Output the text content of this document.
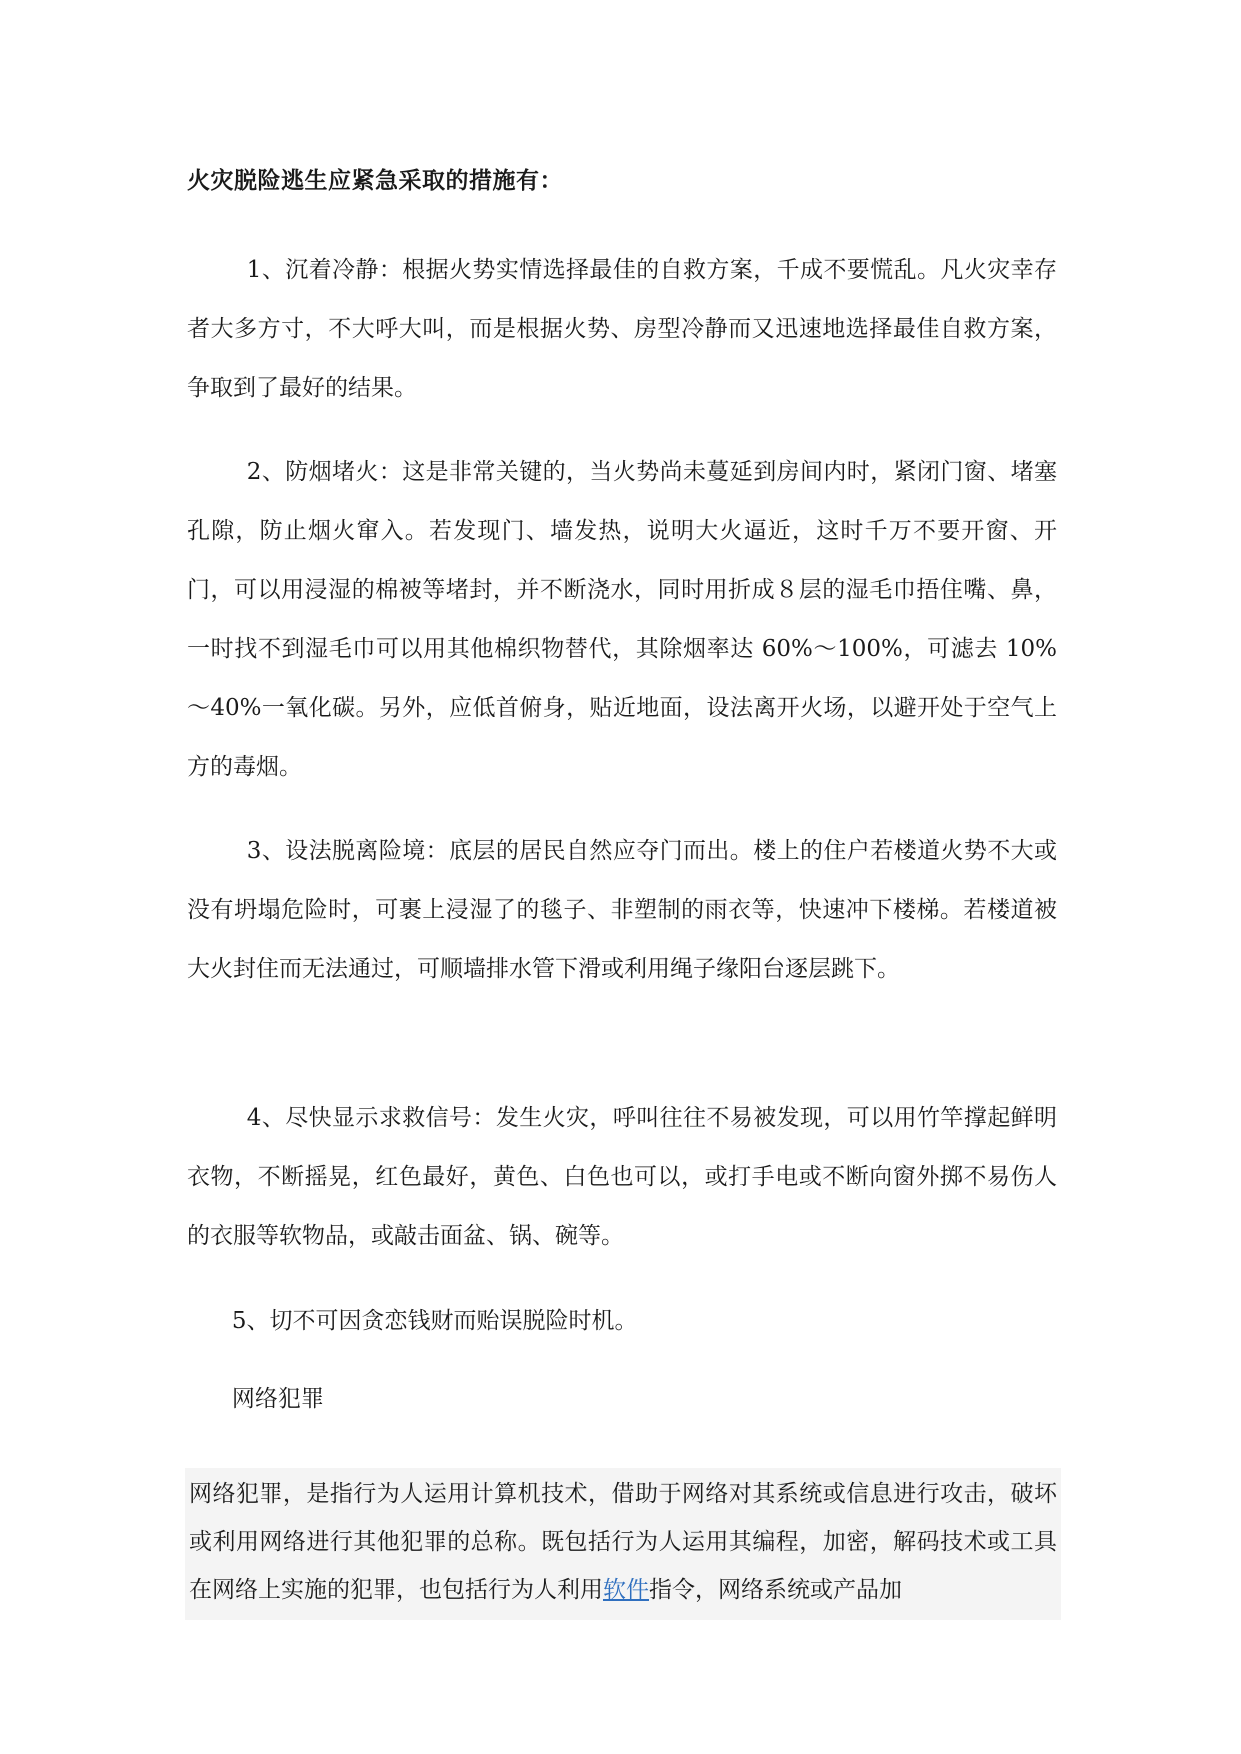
火灾脱险逃生应紧急采取的措施有：

1、沉着冷静：根据火势实情选择最佳的自救方案，千成不要慌乱。凡火灾幸存者大多方寸，不大呼大叫，而是根据火势、房型冷静而又迅速地选择最佳自救方案，争取到了最好的结果。

2、防烟堵火：这是非常关键的，当火势尚未蔓延到房间内时，紧闭门窗、堵塞孔隙，防止烟火窜入。若发现门、墙发热，说明大火逼近，这时千万不要开窗、开门，可以用浸湿的棉被等堵封，并不断浇水，同时用折成８层的湿毛巾捂住嘴、鼻，一时找不到湿毛巾可以用其他棉织物替代，其除烟率达 60%～100%，可滤去 10%～40%一氧化碳。另外，应低首俯身，贴近地面，设法离开火场，以避开处于空气上方的毒烟。

3、设法脱离险境：底层的居民自然应夺门而出。楼上的住户若楼道火势不大或没有坍塌危险时，可裹上浸湿了的毯子、非塑制的雨衣等，快速冲下楼梯。若楼道被大火封住而无法通过，可顺墙排水管下滑或利用绳子缘阳台逐层跳下。

4、尽快显示求救信号：发生火灾，呼叫往往不易被发现，可以用竹竿撑起鲜明衣物，不断摇晃，红色最好，黄色、白色也可以，或打手电或不断向窗外掷不易伤人的衣服等软物品，或敲击面盆、锅、碗等。

5、切不可因贪恋钱财而贻误脱险时机。

网络犯罪

网络犯罪，是指行为人运用计算机技术，借助于网络对其系统或信息进行攻击，破坏或利用网络进行其他犯罪的总称。既包括行为人运用其编程，加密，解码技术或工具在网络上实施的犯罪，也包括行为人利用软件指令，网络系统或产品加
